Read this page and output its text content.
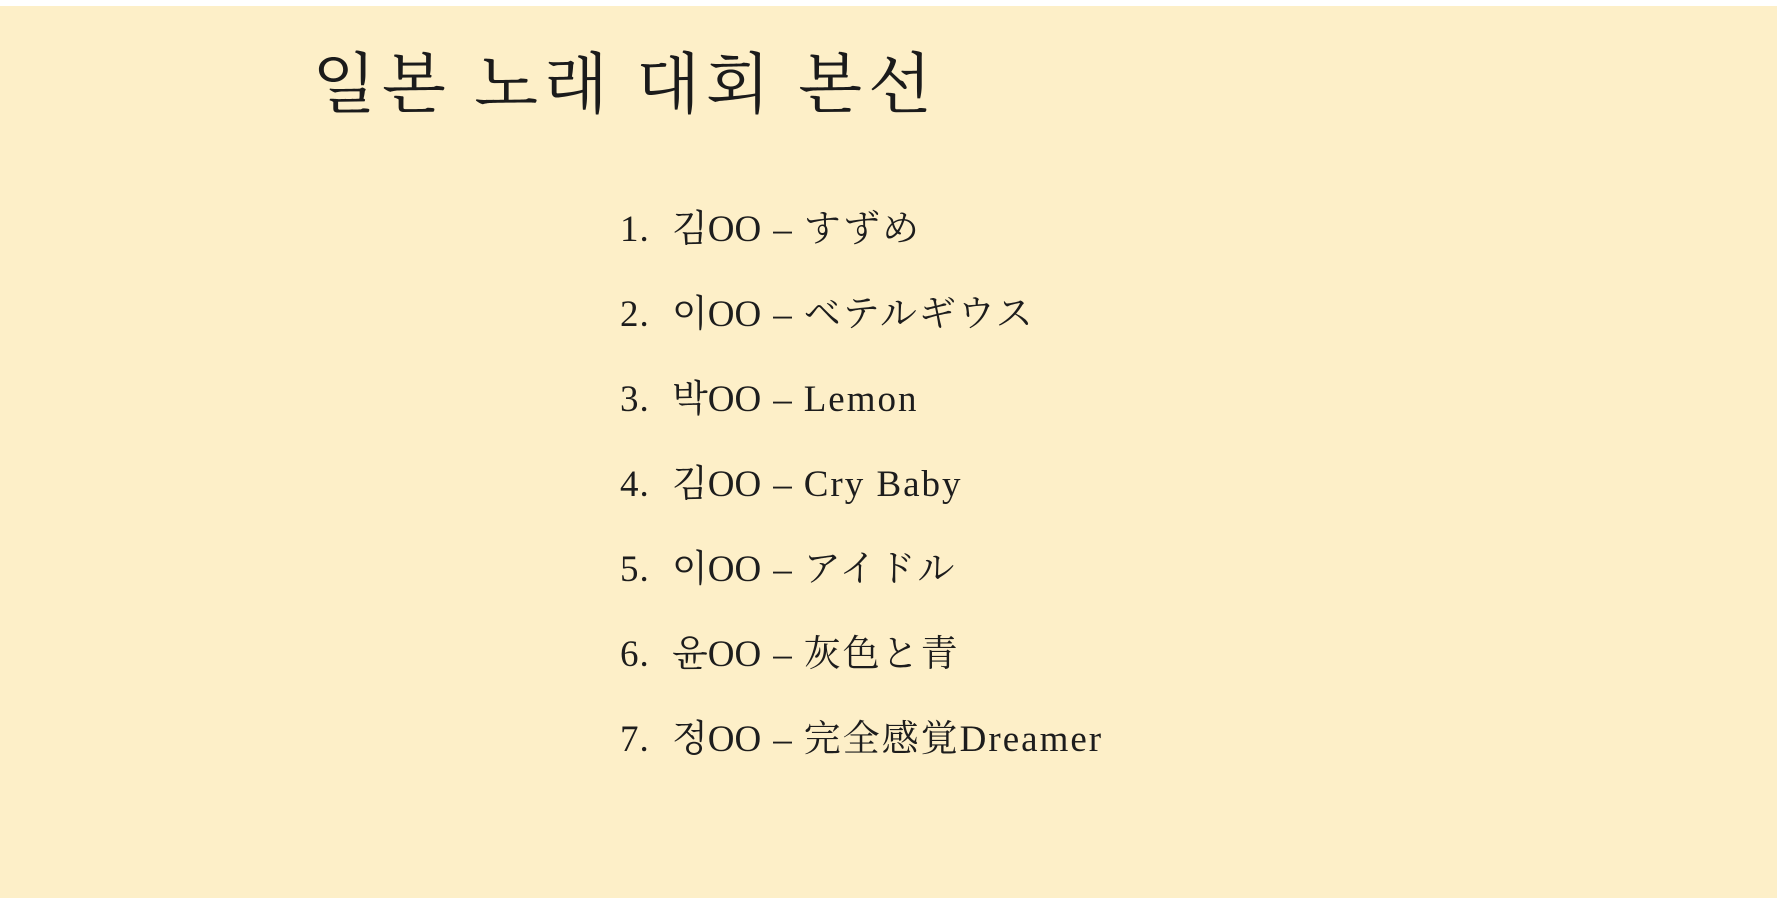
일본 노래 대회 본선
1. 김OO – すずめ
2. 이OO – ベテルギウス
3. 박OO – Lemon
4. 김OO – Cry Baby
5. 이OO – アイドル
6. 윤OO – 灰色と青
7. 정OO – 完全感覚Dreamer
